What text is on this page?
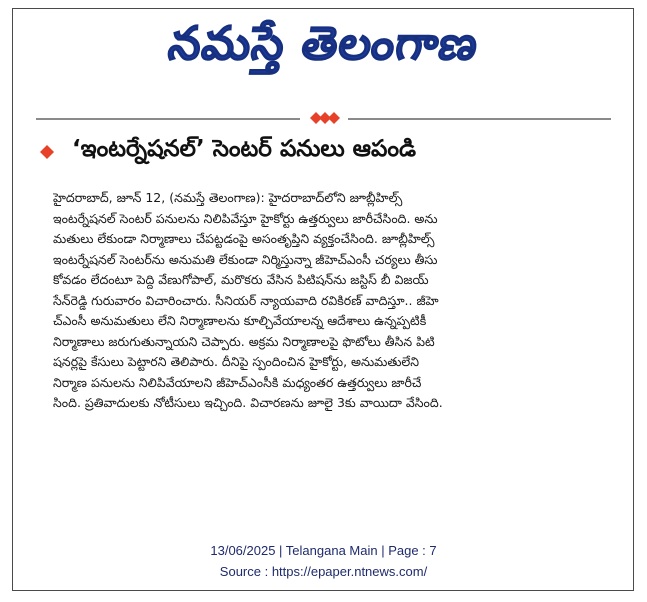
నమస్తే తెలంగాణ
‘ఇంటర్నేషనల్’ సెంటర్ పనులు ఆపండి
హైదరాబాద్, జూన్ 12, (నమస్తే తెలంగాణ): హైదరాబాద్‌లోని జూబ్లీహిల్స్
ఇంటర్నేషనల్ సెంటర్ పనులను నిలిపివేస్తూ హైకోర్టు ఉత్తర్వులు జారీచేసింది. అను
మతులు లేకుండా నిర్మాణాలు చేపట్టడంపై అసంతృప్తిని వ్యక్తంచేసింది. జూబ్లీహిల్స్
ఇంటర్నేషనల్ సెంటర్‌ను అనుమతి లేకుండా నిర్మిస్తున్నా జీహెచ్‌ఎంసీ చర్యలు తీసు
కోవడం లేదంటూ పెద్ది వేణుగోపాల్, మరొకరు వేసిన పిటిషన్‌ను జస్టిస్ బీ విజయ్
సేన్‌రెడ్డి గురువారం విచారించారు. సీనియర్ న్యాయవాది రవికిరణ్ వాదిస్తూ.. జీహె
చ్‌ఎంసీ అనుమతులు లేని నిర్మాణాలను కూల్చివేయాలన్న ఆదేశాలు ఉన్నప్పటికీ
నిర్మాణాలు జరుగుతున్నాయని చెప్పారు. అక్రమ నిర్మాణాలపై ఫొటోలు తీసిన పిటి
షనర్లపై కేసులు పెట్టారని తెలిపారు. దీనిపై స్పందించిన హైకోర్టు, అనుమతులేని
నిర్మాణ పనులను నిలిపివేయాలని జీహెచ్‌ఎంసీకి మధ్యంతర ఉత్తర్వులు జారీచే
సింది. ప్రతివాదులకు నోటీసులు ఇచ్చింది. విచారణను జూలై 3కు వాయిదా వేసింది.
13/06/2025 | Telangana Main | Page : 7
Source : https://epaper.ntnews.com/
